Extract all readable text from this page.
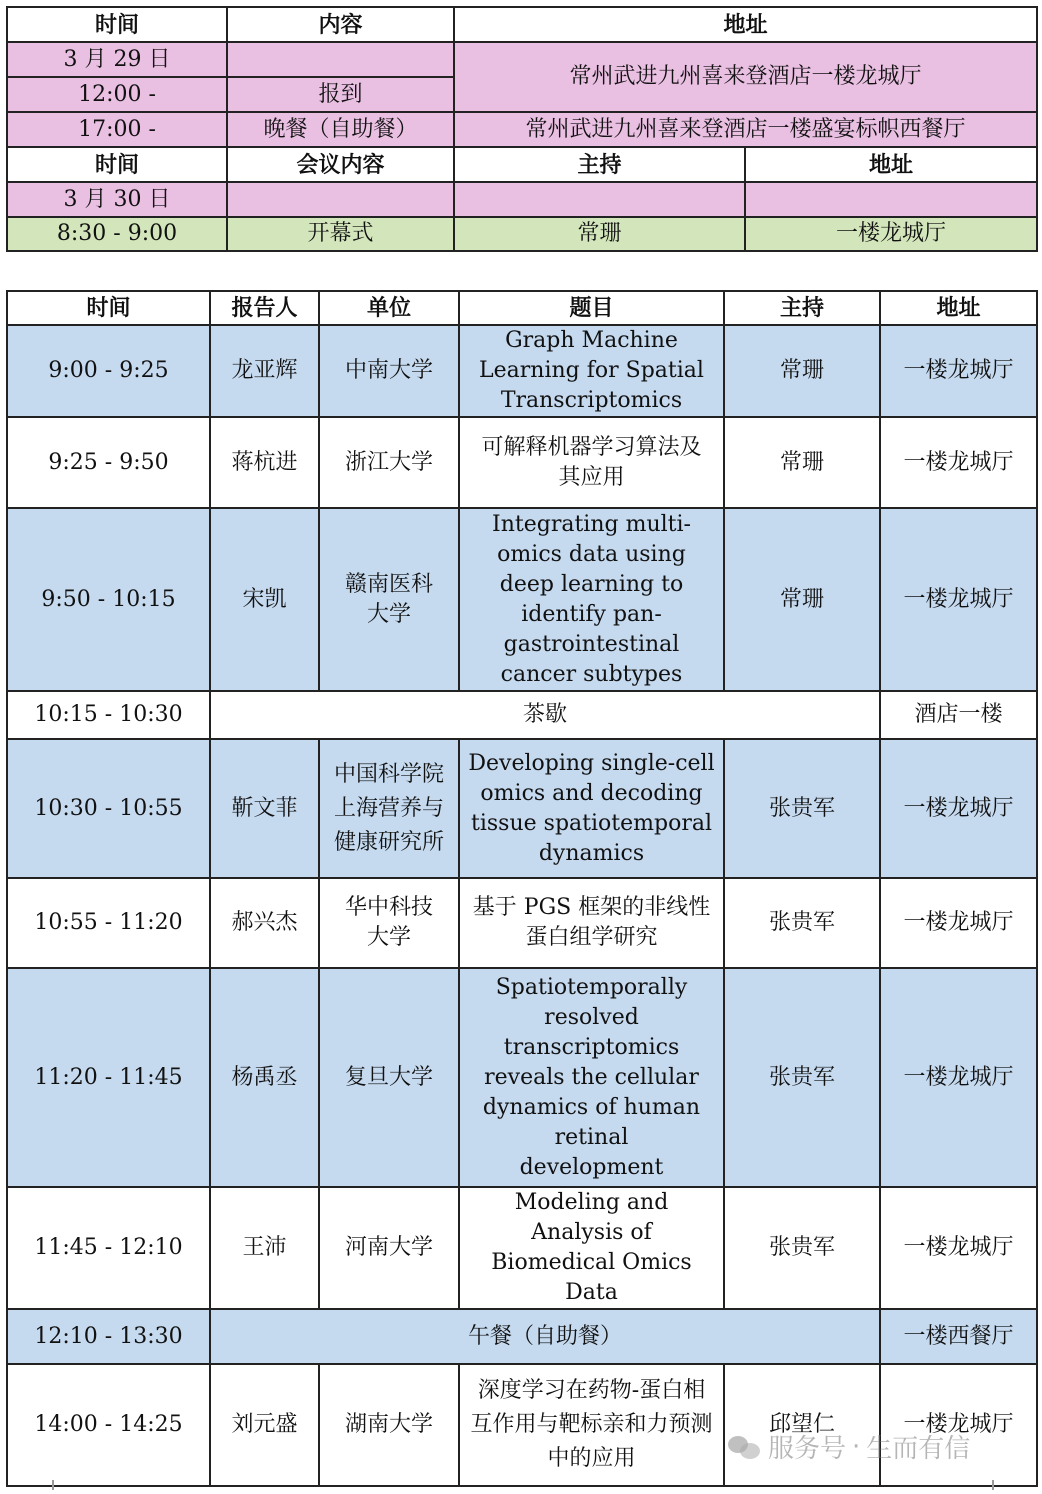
时间	内容	地址	
3 月 29 日		常州武进九州喜来登酒店一楼龙城厅	
12:00 -	报到		
17:00 -	晚餐（自助餐）	常州武进九州喜来登酒店一楼盛宴标帜西餐厅	
时间	会议内容	主持	地址
3 月 30 日			
8:30 - 9:00	开幕式	常珊	一楼龙城厅
时间	报告人	单位	题目	主持	地址
9:00 - 9:25	龙亚辉	中南大学	Graph Machine Learning for Spatial Transcriptomics	常珊	一楼龙城厅
9:25 - 9:50	蒋杭进	浙江大学	可解释机器学习算法及其应用	常珊	一楼龙城厅
9:50 - 10:15	宋凯	赣南医科大学	Integrating multi-omics data using deep learning to identify pan-gastrointestinal cancer subtypes	常珊	一楼龙城厅
10:15 - 10:30	茶歇				酒店一楼
10:30 - 10:55	靳文菲	中国科学院上海营养与健康研究所	Developing single-cell omics and decoding tissue spatiotemporal dynamics	张贵军	一楼龙城厅
10:55 - 11:20	郝兴杰	华中科技大学	基于 PGS 框架的非线性蛋白组学研究	张贵军	一楼龙城厅
11:20 - 11:45	杨禹丞	复旦大学	Spatiotemporally resolved transcriptomics reveals the cellular dynamics of human retinal development	张贵军	一楼龙城厅
11:45 - 12:10	王沛	河南大学	Modeling and Analysis of Biomedical Omics Data	张贵军	一楼龙城厅
12:10 - 13:30	午餐（自助餐）				一楼西餐厅
14:00 - 14:25	刘元盛	湖南大学	深度学习在药物-蛋白相互作用与靶标亲和力预测中的应用	邱望仁	一楼龙城厅
服务号 · 生而有信
